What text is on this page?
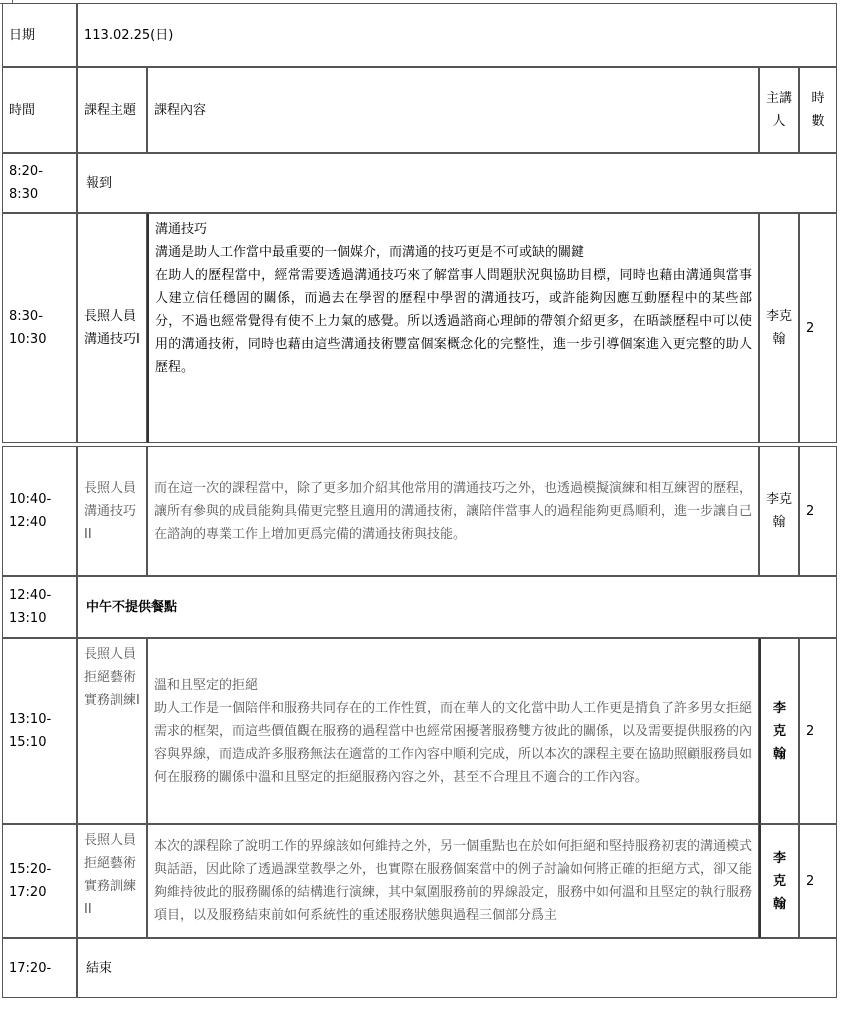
日期	113.02.25(日)			
時間	課程主題	課程內容	主講人	時數
8:20-8:30	報到			
8:30-10:30	長照人員溝通技巧I	溝通技巧
溝通是助人工作當中最重要的一個媒介，而溝通的技巧更是不可或缺的關鍵
在助人的歷程當中，經常需要透過溝通技巧來了解當事人問題狀況與協助目標，同時也藉由溝通與當事人建立信任穩固的關係，而過去在學習的歷程中學習的溝通技巧，或許能夠因應互動歷程中的某些部分，不過也經常覺得有使不上力氣的感覺。所以透過諮商心理師的帶領介紹更多，在晤談歷程中可以使用的溝通技術，同時也藉由這些溝通技術豐富個案概念化的完整性，進一步引導個案進入更完整的助人歷程。	李克翰	2

10:40-12:40	長照人員溝通技巧II	而在這一次的課程當中，除了更多加介紹其他常用的溝通技巧之外，也透過模擬演練和相互練習的歷程，讓所有參與的成員能夠具備更完整且適用的溝通技術，讓陪伴當事人的過程能夠更爲順利，進一步讓自己在諮詢的專業工作上增加更爲完備的溝通技術與技能。	李克翰	2
12:40-13:10	中午不提供餐點			
13:10-15:10	長照人員拒絕藝術實務訓練I	溫和且堅定的拒絕
助人工作是一個陪伴和服務共同存在的工作性質，而在華人的文化當中助人工作更是揹負了許多男女拒絕需求的框架，而這些價值觀在服務的過程當中也經常困擾著服務雙方彼此的關係，以及需要提供服務的內容與界線，而造成許多服務無法在適當的工作內容中順利完成，所以本次的課程主要在協助照顧服務員如何在服務的關係中溫和且堅定的拒絕服務內容之外，甚至不合理且不適合的工作內容。	李克翰	2
15:20-17:20	長照人員拒絕藝術實務訓練II	本次的課程除了說明工作的界線該如何維持之外，另一個重點也在於如何拒絕和堅持服務初衷的溝通模式與話語，因此除了透過課堂教學之外，也實際在服務個案當中的例子討論如何將正確的拒絕方式，卻又能夠維持彼此的服務關係的結構進行演練，其中氣圍服務前的界線設定，服務中如何溫和且堅定的執行服務項目，以及服務結束前如何系統性的重述服務狀態與過程三個部分爲主	李克翰	2
17:20-	結束			
